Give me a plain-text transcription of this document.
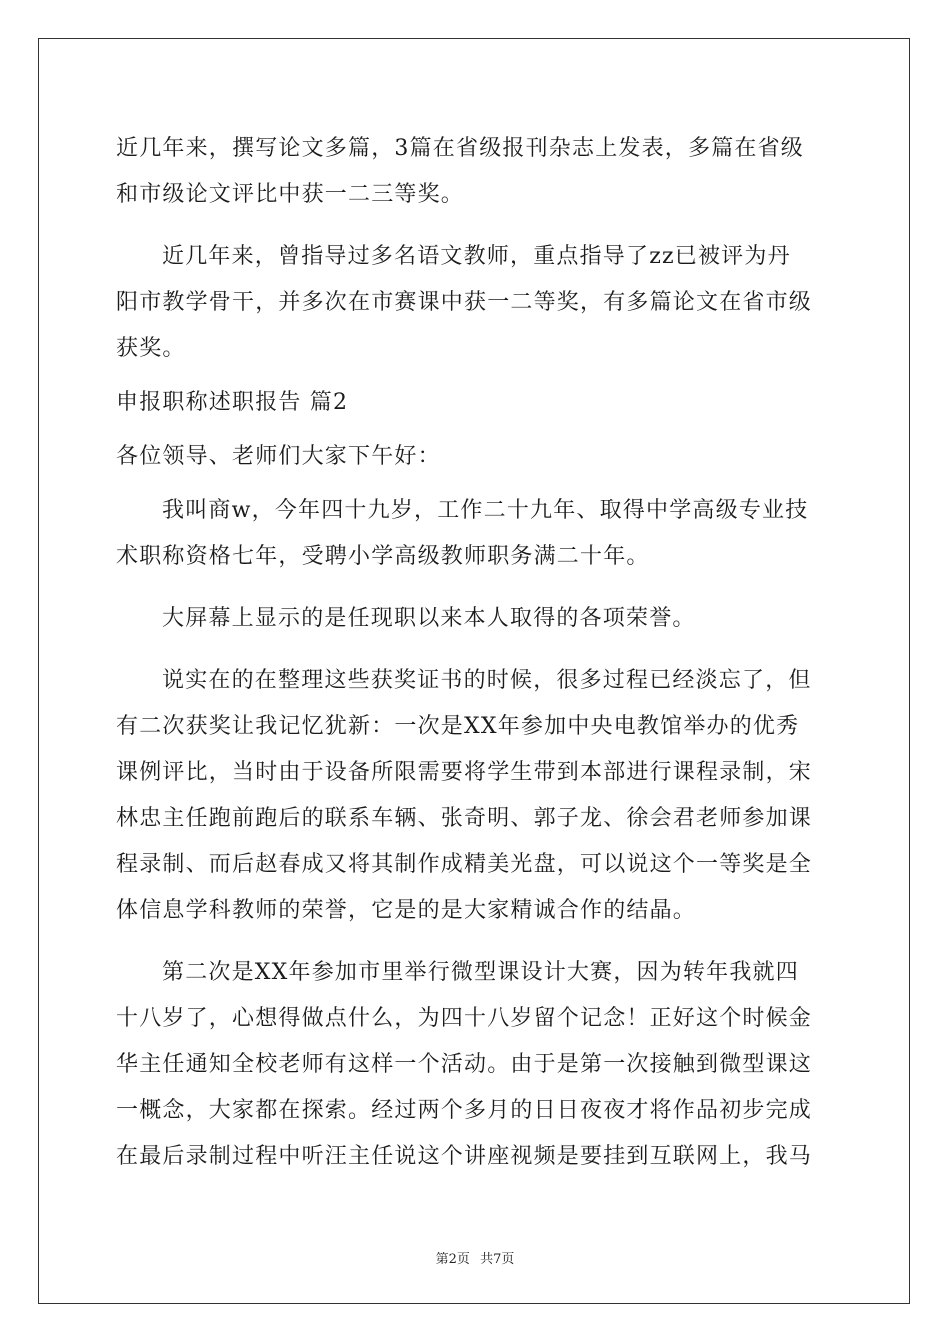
近几年来，撰写论文多篇，3篇在省级报刊杂志上发表，多篇在省级
和市级论文评比中获一二三等奖。
近几年来，曾指导过多名语文教师，重点指导了zz已被评为丹
阳市教学骨干，并多次在市赛课中获一二等奖，有多篇论文在省市级
获奖。
申报职称述职报告 篇2
各位领导、老师们大家下午好：
我叫商w，今年四十九岁，工作二十九年、取得中学高级专业技
术职称资格七年，受聘小学高级教师职务满二十年。
大屏幕上显示的是任现职以来本人取得的各项荣誉。
说实在的在整理这些获奖证书的时候，很多过程已经淡忘了，但
有二次获奖让我记忆犹新：一次是XX年参加中央电教馆举办的优秀
课例评比，当时由于设备所限需要将学生带到本部进行课程录制，宋
林忠主任跑前跑后的联系车辆、张奇明、郭子龙、徐会君老师参加课
程录制、而后赵春成又将其制作成精美光盘，可以说这个一等奖是全
体信息学科教师的荣誉，它是的是大家精诚合作的结晶。
第二次是XX年参加市里举行微型课设计大赛，因为转年我就四
十八岁了，心想得做点什么，为四十八岁留个记念！正好这个时候金
华主任通知全校老师有这样一个活动。由于是第一次接触到微型课这
一概念，大家都在探索。经过两个多月的日日夜夜才将作品初步完成
在最后录制过程中听汪主任说这个讲座视频是要挂到互联网上，我马
第2页 共7页
